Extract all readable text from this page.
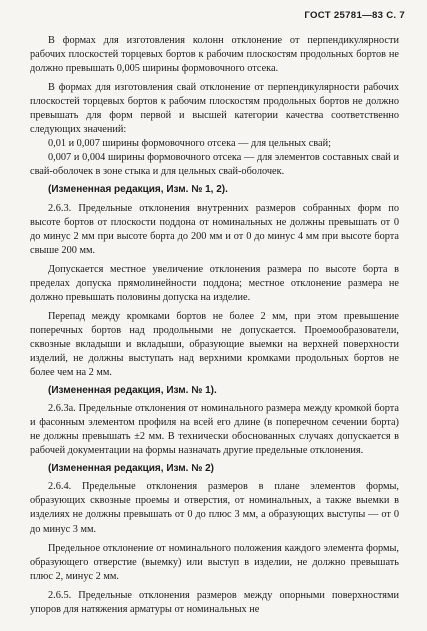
ГОСТ 25781—83 С. 7

В формах для изготовления колонн отклонение от перпендикулярности рабочих плоскостей торцевых бортов к рабочим плоскостям продольных бортов не должно превышать 0,005 ширины формовочного отсека.

В формах для изготовления свай отклонение от перпендикулярности рабочих плоскостей торцевых бортов к рабочим плоскостям продольных бортов не должно превышать для форм первой и высшей категории качества соответственно следующих значений:

0,01 и 0,007 ширины формовочного отсека — для цельных свай;

0,007 и 0,004 ширины формовочного отсека — для элементов составных свай и свай-оболочек в зоне стыка и для цельных свай-оболочек.

(Измененная редакция, Изм. № 1, 2).

2.6.3. Предельные отклонения внутренних размеров собранных форм по высоте бортов от плоскости поддона от номинальных не должны превышать от 0 до минус 2 мм при высоте борта до 200 мм и от 0 до минус 4 мм при высоте борта свыше 200 мм.

Допускается местное увеличение отклонения размера по высоте борта в пределах допуска прямолинейности поддона; местное отклонение размера не должно превышать половины допуска на изделие.

Перепад между кромками бортов не более 2 мм, при этом превышение поперечных бортов над продольными не допускается. Проемообразователи, сквозные вкладыши и вкладыши, образующие выемки на верхней поверхности изделий, не должны выступать над верхними кромками продольных бортов не более чем на 2 мм.

(Измененная редакция, Изм. № 1).

2.6.3а. Предельные отклонения от номинального размера между кромкой борта и фасонным элементом профиля на всей его длине (в поперечном сечении борта) не должны превышать ±2 мм. В технически обоснованных случаях допускается в рабочей документации на формы назначать другие предельные отклонения.

(Измененная редакция, Изм. № 2)

2.6.4. Предельные отклонения размеров в плане элементов формы, образующих сквозные проемы и отверстия, от номинальных, а также выемки в изделиях не должны превышать от 0 до плюс 3 мм, а образующих выступы — от 0 до минус 3 мм.

Предельное отклонение от номинального положения каждого элемента формы, образующего отверстие (выемку) или выступ в изделии, не должно превышать плюс 2, минус 2 мм.

2.6.5. Предельные отклонения размеров между опорными поверхностями упоров для натяжения арматуры от номинальных не
